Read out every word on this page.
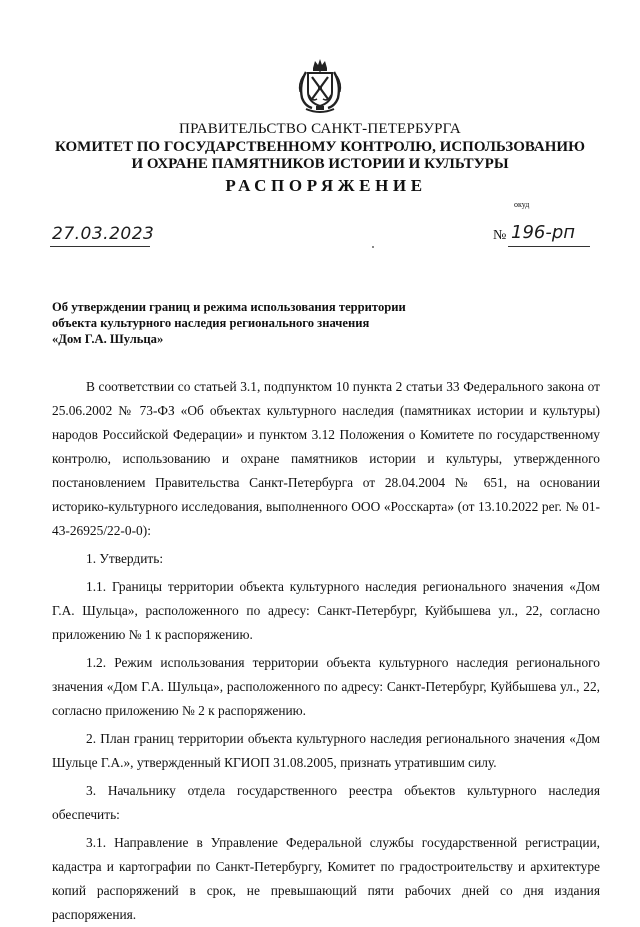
ПРАВИТЕЛЬСТВО САНКТ-ПЕТЕРБУРГА
КОМИТЕТ ПО ГОСУДАРСТВЕННОМУ КОНТРОЛЮ, ИСПОЛЬЗОВАНИЮ
И ОХРАНЕ ПАМЯТНИКОВ ИСТОРИИ И КУЛЬТУРЫ
РАСПОРЯЖЕНИЕ
окуд
27.03.2023	№ 196-рп
Об утверждении границ и режима использования территории
объекта культурного наследия регионального значения
«Дом Г.А. Шульца»

В соответствии со статьей 3.1, подпунктом 10 пункта 2 статьи 33 Федерального закона от 25.06.2002 № 73-ФЗ «Об объектах культурного наследия (памятниках истории и культуры) народов Российской Федерации» и пунктом 3.12 Положения о Комитете по государственному контролю, использованию и охране памятников истории и культуры, утвержденного постановлением Правительства Санкт-Петербурга от 28.04.2004 № 651, на основании историко-культурного исследования, выполненного ООО «Росскарта» (от 13.10.2022 рег. № 01-43-26925/22-0-0):

1. Утвердить:

1.1. Границы территории объекта культурного наследия регионального значения «Дом Г.А. Шульца», расположенного по адресу: Санкт-Петербург, Куйбышева ул., 22, согласно приложению № 1 к распоряжению.

1.2. Режим использования территории объекта культурного наследия регионального значения «Дом Г.А. Шульца», расположенного по адресу: Санкт-Петербург, Куйбышева ул., 22, согласно приложению № 2 к распоряжению.

2. План границ территории объекта культурного наследия регионального значения «Дом Шульце Г.А.», утвержденный КГИОП 31.08.2005, признать утратившим силу.

3. Начальнику отдела государственного реестра объектов культурного наследия обеспечить:

3.1. Направление в Управление Федеральной службы государственной регистрации, кадастра и картографии по Санкт-Петербургу, Комитет по градостроительству и архитектуре копий распоряжений в срок, не превышающий пяти рабочих дней со дня издания распоряжения.
